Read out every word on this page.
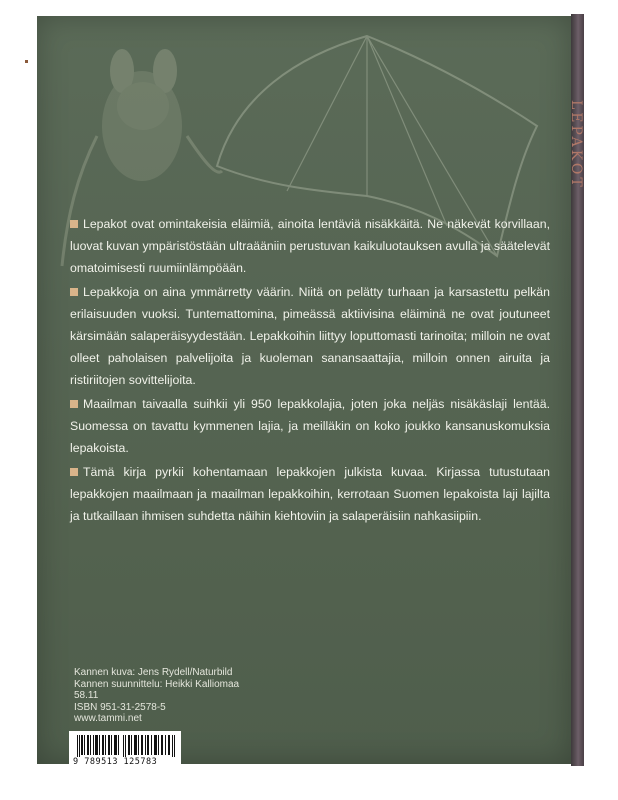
Lepakot ovat omintakeisia eläimiä, ainoita lentäviä nisäkkäitä. Ne näkevät korvillaan, luovat kuvan ympäristöstään ultraääniin perustuvan kaikuluotauksen avulla ja säätelevät omatoimisesti ruumiinlämpöään.

Lepakkoja on aina ymmärretty väärin. Niitä on pelätty turhaan ja karsastettu pelkän erilaisuuden vuoksi. Tuntemattomina, pimeässä aktiivisina eläiminä ne ovat joutuneet kärsimään salaperäisyydestään. Lepakkoihin liittyy loputtomasti tarinoita; milloin ne ovat olleet paholaisen palvelijoita ja kuoleman sanansaattajia, milloin onnen airuita ja ristiriitojen sovittelijoita.

Maailman taivaalla suihkii yli 950 lepakkolajia, joten joka neljäs nisäkäslaji lentää. Suomessa on tavattu kymmenen lajia, ja meilläkin on koko joukko kansanuskomuksia lepakoista.

Tämä kirja pyrkii kohentamaan lepakkojen julkista kuvaa. Kirjassa tutustutaan lepakkojen maailmaan ja maailman lepakkoihin, kerrotaan Suomen lepakoista laji lajilta ja tutkaillaan ihmisen suhdetta näihin kiehtoviin ja salaperäisiin nahkasiipiin.

Kannen kuva: Jens Rydell/Naturbild
Kannen suunnittelu: Heikki Kalliomaa
58.11
ISBN 951-31-2578-5
www.tammi.net
9 789513 125783
LEPAKOT
